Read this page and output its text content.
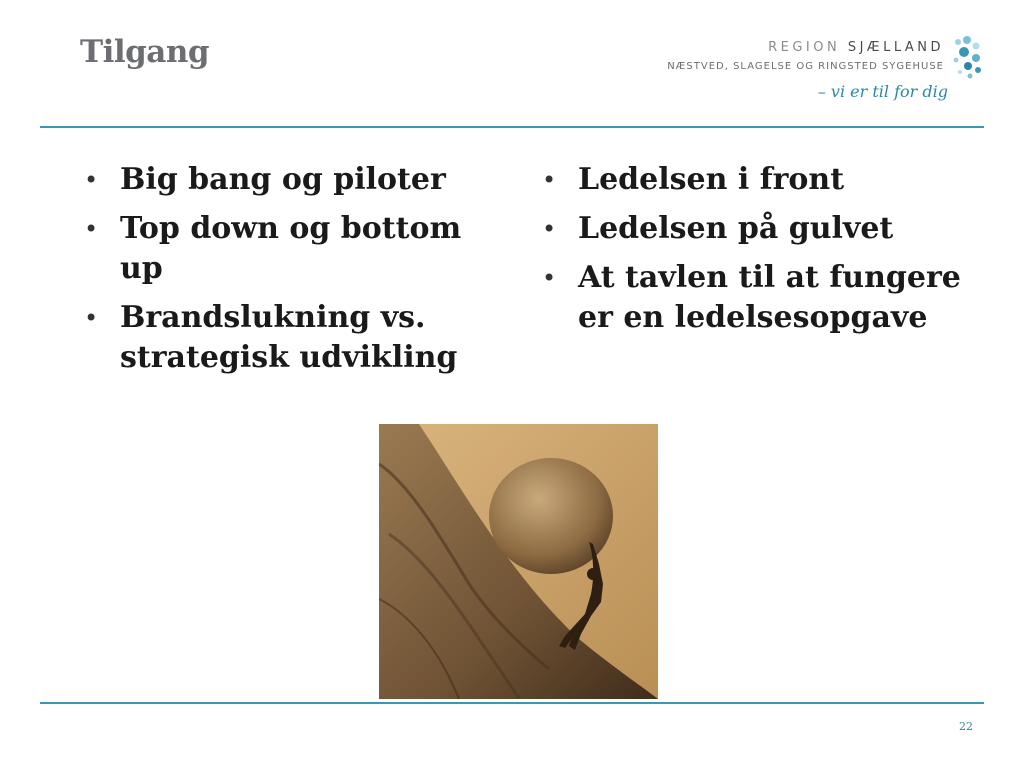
Tilgang	REGION SJÆLLAND
NÆSTVED, SLAGELSE OG RINGSTED SYGEHUSE
– vi er til for dig
• Big bang og piloter
• Top down og bottom up
• Brandslukning vs. strategisk udvikling
• Ledelsen i front
• Ledelsen på gulvet
• At tavlen til at fungere er en ledelsesopgave
22
